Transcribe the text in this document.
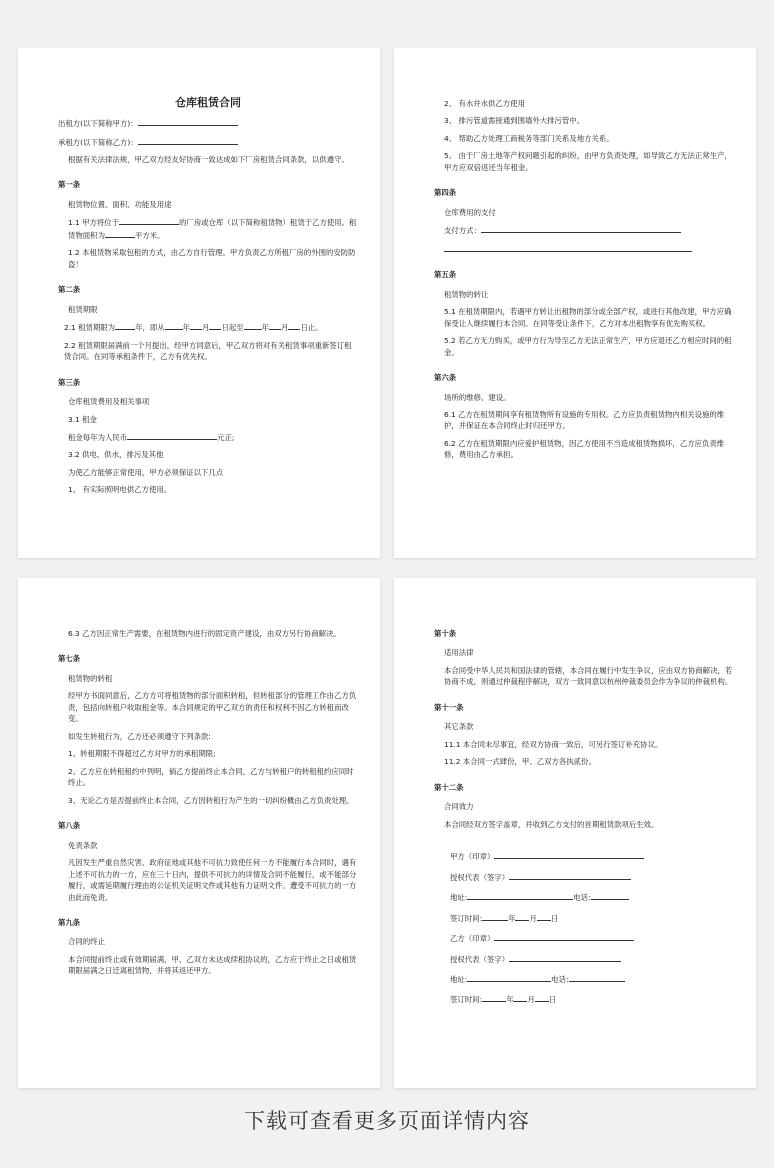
仓库租赁合同
出租方(以下简称甲方)：
承租方(以下简称乙方)：
根据有关法律法规，甲乙双方经友好协商一致达成如下厂房租赁合同条款，以供遵守。
第一条
租赁物位置、面积、功能及用途
1.1 甲方将位于	的厂房或仓库（以下简称租赁物）租赁于乙方使用。租赁物面积为	平方米。
1.2 本租赁物采取包租的方式，由乙方自行管理。甲方负责乙方所租厂房的外围的安防防盗！
第二条
租赁期限
2.1 租赁期限为	年，即从 年 月 日起至 年 月 日止。
2.2 租赁期限届满前一个月提出，经甲方同意后，甲乙双方将对有关租赁事项重新签订租赁合同。在同等承租条件下，乙方有优先权。
第三条
仓库租赁费用及相关事项
3.1 租金
租金每年为人民币	元正;
3.2 供电、供水，排污及其他
为使乙方能够正常使用，甲方必须保证以下几点
1、 有实际照明电供乙方使用。
2、 有水井水供乙方使用
3、 排污管道需接通到围墙外大排污管中。
4、 帮助乙方处理工商税务等部门关系及地方关系。
5、 由于厂房土地等产权问题引起的纠纷，由甲方负责处理，如导致乙方无法正常生产，甲方应双倍返还当年租金。
第四条
仓库费用的支付
支付方式：
第五条
租赁物的转让
5.1 在租赁期限内，若遇甲方转让出租物的部分或全部产权，或进行其他改建，甲方应确保受让人继续履行本合同。在同等受让条件下，乙方对本出租物享有优先购买权。
5.2 若乙方无力购买，或甲方行为导至乙方无法正常生产，甲方应退还乙方相应时间的租金。
第六条
场所的维修、建设。
6.1 乙方在租赁期间享有租赁物所有设施的专用权。乙方应负责租赁物内相关设施的维护，并保证在本合同终止时归还甲方。
6.2 乙方在租赁期限内应爱护租赁物，因乙方使用不当造成租赁物损坏，乙方应负责维修，费用由乙方承担。
6.3 乙方因正常生产需要，在租赁物内进行的固定资产建设，由双方另行协商解决。
第七条
租赁物的转租
经甲方书面同意后，乙方方可将租赁物的部分面积转租，但转租部分的管理工作由乙方负责，包括向转租户收取租金等。本合同规定的甲乙双方的责任和权利不因乙方转租而改变。
如发生转租行为，乙方还必须遵守下列条款:
1、转租期限不得超过乙方对甲方的承租期限;
2、乙方应在转租租约中列明，倘乙方提前终止本合同，乙方与转租户的转租租约应同时终止。
3、无论乙方是否提前终止本合同，乙方因转租行为产生的一切纠纷概由乙方负责处理。
第八条
免责条款
凡因发生严重自然灾害、政府征地或其他不可抗力致使任何一方不能履行本合同时，遇有上述不可抗力的一方，应在三十日内，提供不可抗力的详情及合同不能履行，或不能部分履行，或需延期履行理由的公证机关证明文件或其他有力证明文件。遭受不可抗力的一方由此而免责。
第九条
合同的终止
本合同提前终止或有效期届满，甲、乙双方未达成续租协议的，乙方应于终止之日或租赁期限届满之日迁离租赁物，并将其返还甲方。
第十条
适用法律
本合同受中华人民共和国法律的管辖，本合同在履行中发生争议，应由双方协商解决，若协商不成，则通过仲裁程序解决，双方一致同意以杭州仲裁委员会作为争议的仲裁机构。
第十一条
其它条款
11.1 本合同未尽事宜，经双方协商一致后，可另行签订补充协议。
11.2 本合同一式肆份，甲、乙双方各执贰份。
第十二条
合同效力
本合同经双方签字盖章，并收到乙方支付的首期租赁款项后生效。
甲方（印章）
授权代表（签字）
地址:	电话:
签订时间:	年 月 日
乙方（印章）
授权代表（签字）
地址:	电话:
签订时间:	年 月 日
下载可查看更多页面详情内容
